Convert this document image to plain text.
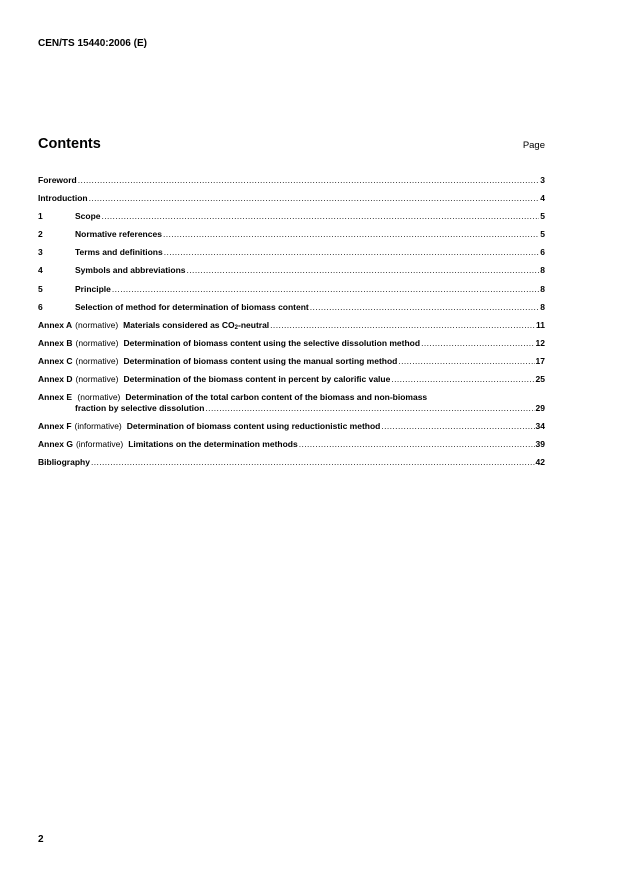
CEN/TS 15440:2006 (E)
Contents	Page
Foreword .....	3
Introduction .....	4
1	Scope .....	5
2	Normative references .....	5
3	Terms and definitions .....	6
4	Symbols and abbreviations .....	8
5	Principle .....	8
6	Selection of method for determination of biomass content .....	8
Annex A (normative) Materials considered as $CO_2$-neutral .....	11
Annex B (normative) Determination of biomass content using the selective dissolution method .....	12
Annex C (normative) Determination of biomass content using the manual sorting method .....	17
Annex D (normative) Determination of the biomass content in percent by calorific value .....	25
Annex E (normative) Determination of the total carbon content of the biomass and non-biomass
fraction by selective dissolution .....	29
Annex F (informative) Determination of biomass content using reductionistic method .....	34
Annex G (informative) Limitations on the determination methods .....	39
Bibliography .....	42
2
